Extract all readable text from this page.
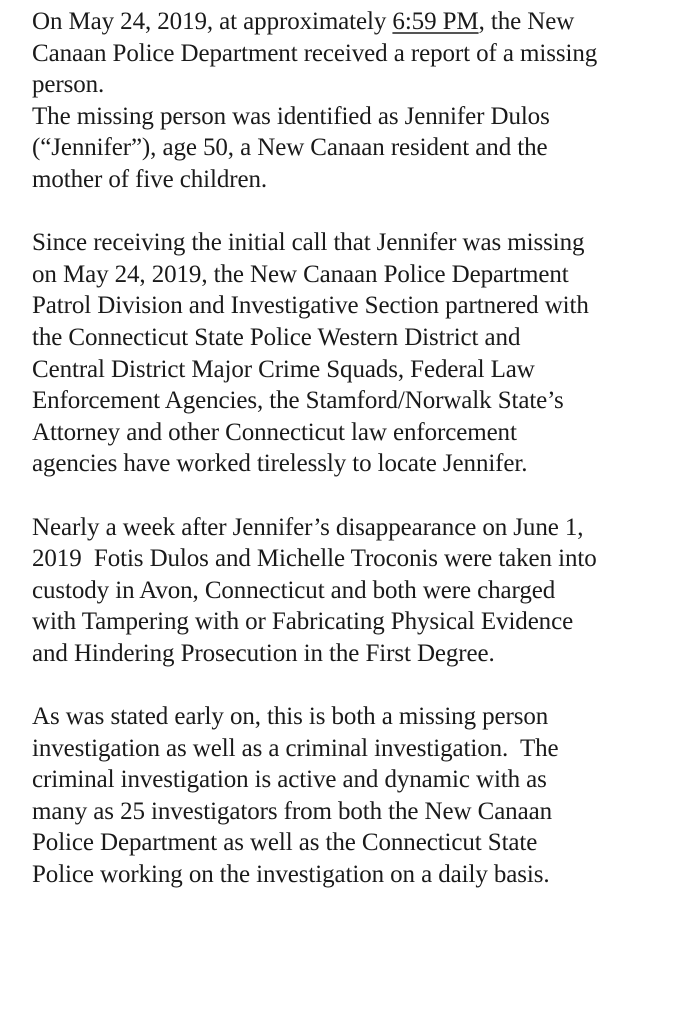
On May 24, 2019, at approximately 6:59 PM, the New
Canaan Police Department received a report of a missing
person.
The missing person was identified as Jennifer Dulos
(“Jennifer”), age 50, a New Canaan resident and the
mother of five children.
Since receiving the initial call that Jennifer was missing
on May 24, 2019, the New Canaan Police Department
Patrol Division and Investigative Section partnered with
the Connecticut State Police Western District and
Central District Major Crime Squads, Federal Law
Enforcement Agencies, the Stamford/Norwalk State’s
Attorney and other Connecticut law enforcement
agencies have worked tirelessly to locate Jennifer.
Nearly a week after Jennifer’s disappearance on June 1,
2019  Fotis Dulos and Michelle Troconis were taken into
custody in Avon, Connecticut and both were charged
with Tampering with or Fabricating Physical Evidence
and Hindering Prosecution in the First Degree.
As was stated early on, this is both a missing person
investigation as well as a criminal investigation.  The
criminal investigation is active and dynamic with as
many as 25 investigators from both the New Canaan
Police Department as well as the Connecticut State
Police working on the investigation on a daily basis.
